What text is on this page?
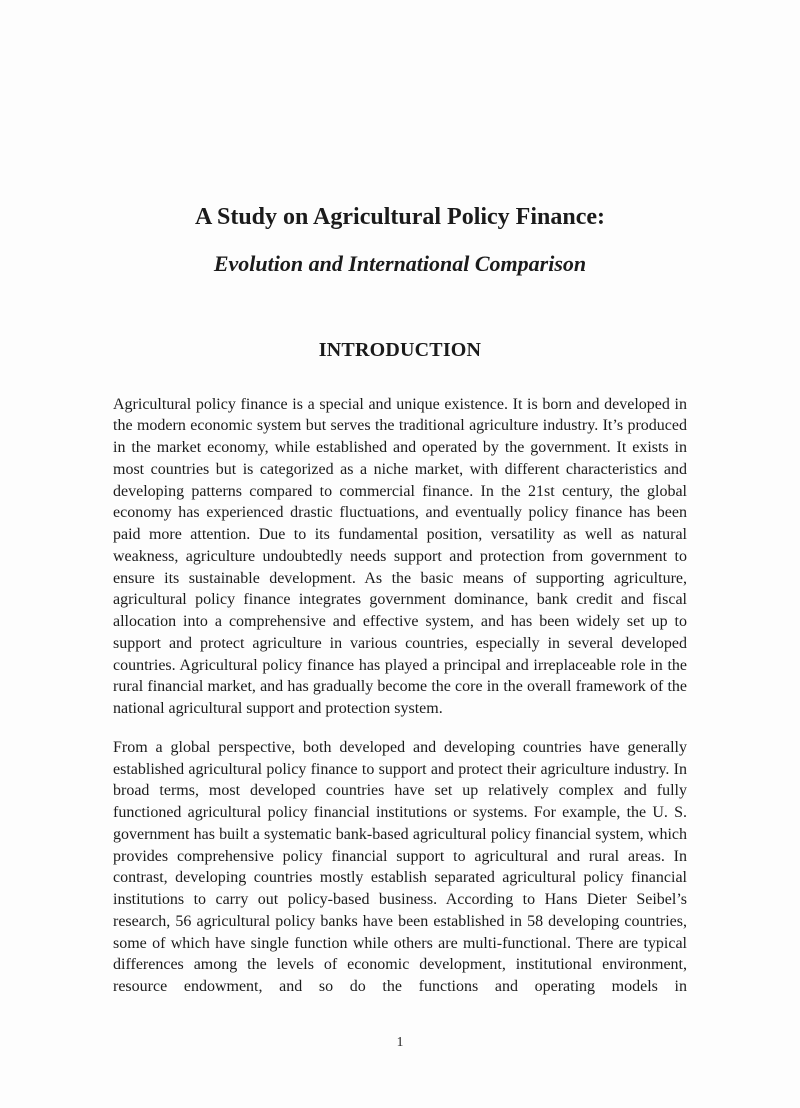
A Study on Agricultural Policy Finance:
Evolution and International Comparison
INTRODUCTION

Agricultural policy finance is a special and unique existence. It is born and developed in the modern economic system but serves the traditional agriculture industry. It’s produced in the market economy, while established and operated by the government. It exists in most countries but is categorized as a niche market, with different characteristics and developing patterns compared to commercial finance. In the 21st century, the global economy has experienced drastic fluctuations, and eventually policy finance has been paid more attention. Due to its fundamental position, versatility as well as natural weakness, agriculture undoubtedly needs support and protection from government to ensure its sustainable development. As the basic means of supporting agriculture, agricultural policy finance integrates government dominance, bank credit and fiscal allocation into a comprehensive and effective system, and has been widely set up to support and protect agriculture in various countries, especially in several developed countries. Agricultural policy finance has played a principal and irreplaceable role in the rural financial market, and has gradually become the core in the overall framework of the national agricultural support and protection system.

From a global perspective, both developed and developing countries have generally established agricultural policy finance to support and protect their agriculture industry. In broad terms, most developed countries have set up relatively complex and fully functioned agricultural policy financial institutions or systems. For example, the U. S. government has built a systematic bank-based agricultural policy financial system, which provides comprehensive policy financial support to agricultural and rural areas. In contrast, developing countries mostly establish separated agricultural policy financial institutions to carry out policy-based business. According to Hans Dieter Seibel’s research, 56 agricultural policy banks have been established in 58 developing countries, some of which have single function while others are multi-functional. There are typical differences among the levels of economic development, institutional environment, resource endowment, and so do the functions and operating models in

1
